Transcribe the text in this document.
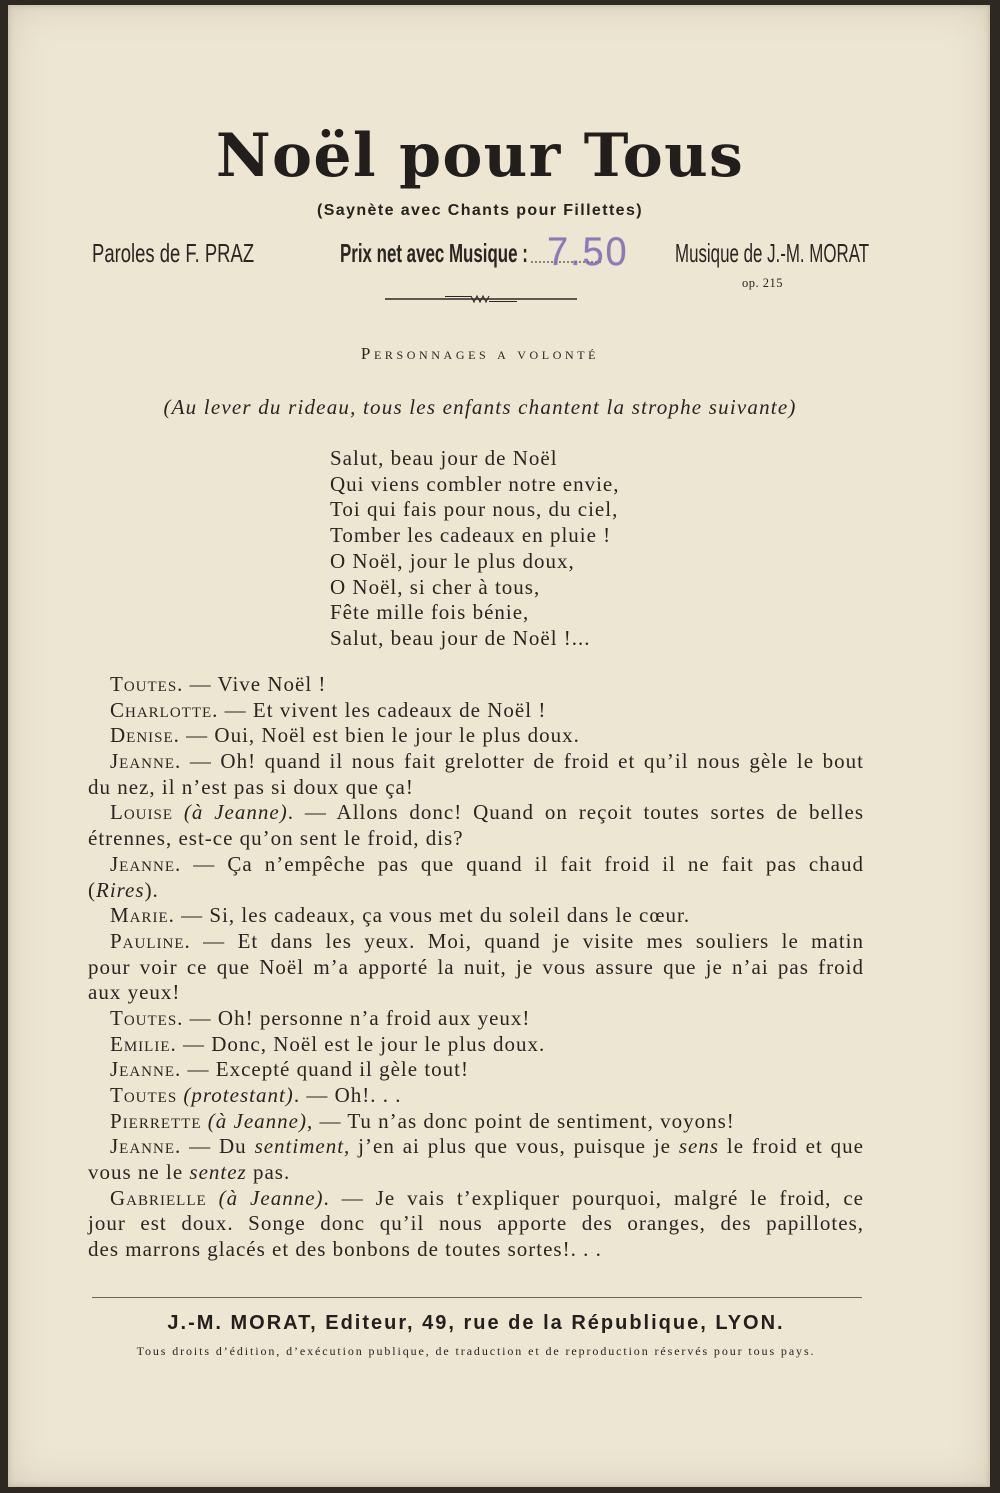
Noël pour Tous
(Saynète avec Chants pour Fillettes)
Paroles de F. PRAZ	Prix net avec Musique : 7.50 Musique de J.-M. MORAT
op. 215
Personnages a volonté
(Au lever du rideau, tous les enfants chantent la strophe suivante)
Salut, beau jour de Noël
Qui viens combler notre envie,
Toi qui fais pour nous, du ciel,
Tomber les cadeaux en pluie !
O Noël, jour le plus doux,
O Noël, si cher à tous,
Fête mille fois bénie,
Salut, beau jour de Noël !...
Toutes. — Vive Noël !
Charlotte. — Et vivent les cadeaux de Noël !
Denise. — Oui, Noël est bien le jour le plus doux.
Jeanne. — Oh! quand il nous fait grelotter de froid et qu’il nous gèle le bout
du nez, il n’est pas si doux que ça!
Louise (à Jeanne). — Allons donc! Quand on reçoit toutes sortes de belles
étrennes, est-ce qu’on sent le froid, dis?
Jeanne. — Ça n’empêche pas que quand il fait froid il ne fait pas chaud
(Rires).
Marie. — Si, les cadeaux, ça vous met du soleil dans le cœur.
Pauline. — Et dans les yeux. Moi, quand je visite mes souliers le matin
pour voir ce que Noël m’a apporté la nuit, je vous assure que je n’ai pas froid
aux yeux!
Toutes. — Oh! personne n’a froid aux yeux!
Emilie. — Donc, Noël est le jour le plus doux.
Jeanne. — Excepté quand il gèle tout!
Toutes (protestant). — Oh!. . .
Pierrette (à Jeanne), — Tu n’as donc point de sentiment, voyons!
Jeanne. — Du sentiment, j’en ai plus que vous, puisque je sens le froid et que
vous ne le sentez pas.
Gabrielle (à Jeanne). — Je vais t’expliquer pourquoi, malgré le froid, ce
jour est doux. Songe donc qu’il nous apporte des oranges, des papillotes,
des marrons glacés et des bonbons de toutes sortes!. . .
J.-M. MORAT, Editeur, 49, rue de la République, LYON.
Tous droits d’édition, d’exécution publique, de traduction et de reproduction réservés pour tous pays.
